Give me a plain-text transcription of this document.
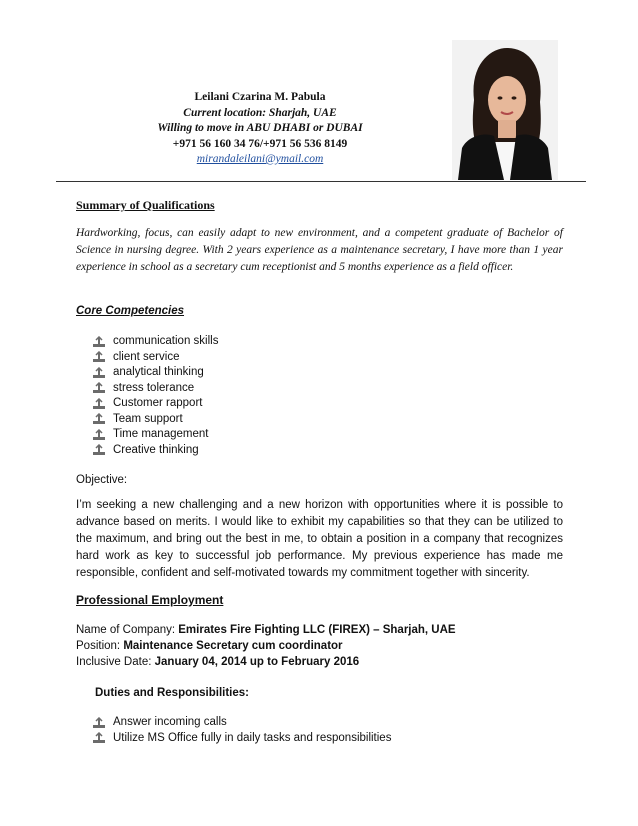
Leilani Czarina M. Pabula
Current location: Sharjah, UAE
Willing to move in ABU DHABI or DUBAI
+971 56 160 34 76/+971 56 536 8149
mirandaleilani@ymail.com
Summary of Qualifications
Hardworking, focus, can easily adapt to new environment, and a competent graduate of Bachelor of Science in nursing degree. With 2 years experience as a maintenance secretary, I have more than 1 year experience in school as a secretary cum receptionist and 5 months experience as a field officer.
Core Competencies
communication skills
client service
analytical thinking
stress tolerance
Customer rapport
Team support
Time management
Creative thinking
Objective:
I’m seeking a new challenging and a new horizon with opportunities where it is possible to advance based on merits. I would like to exhibit my capabilities so that they can be utilized to the maximum, and bring out the best in me, to obtain a position in a company that recognizes hard work as key to successful job performance. My previous experience has made me responsible, confident and self-motivated towards my commitment together with sincerity.
Professional Employment
Name of Company: Emirates Fire Fighting LLC (FIREX) – Sharjah, UAE
Position: Maintenance Secretary cum coordinator
Inclusive Date: January 04, 2014 up to February 2016
Duties and Responsibilities:
Answer incoming calls
Utilize MS Office fully in daily tasks and responsibilities
